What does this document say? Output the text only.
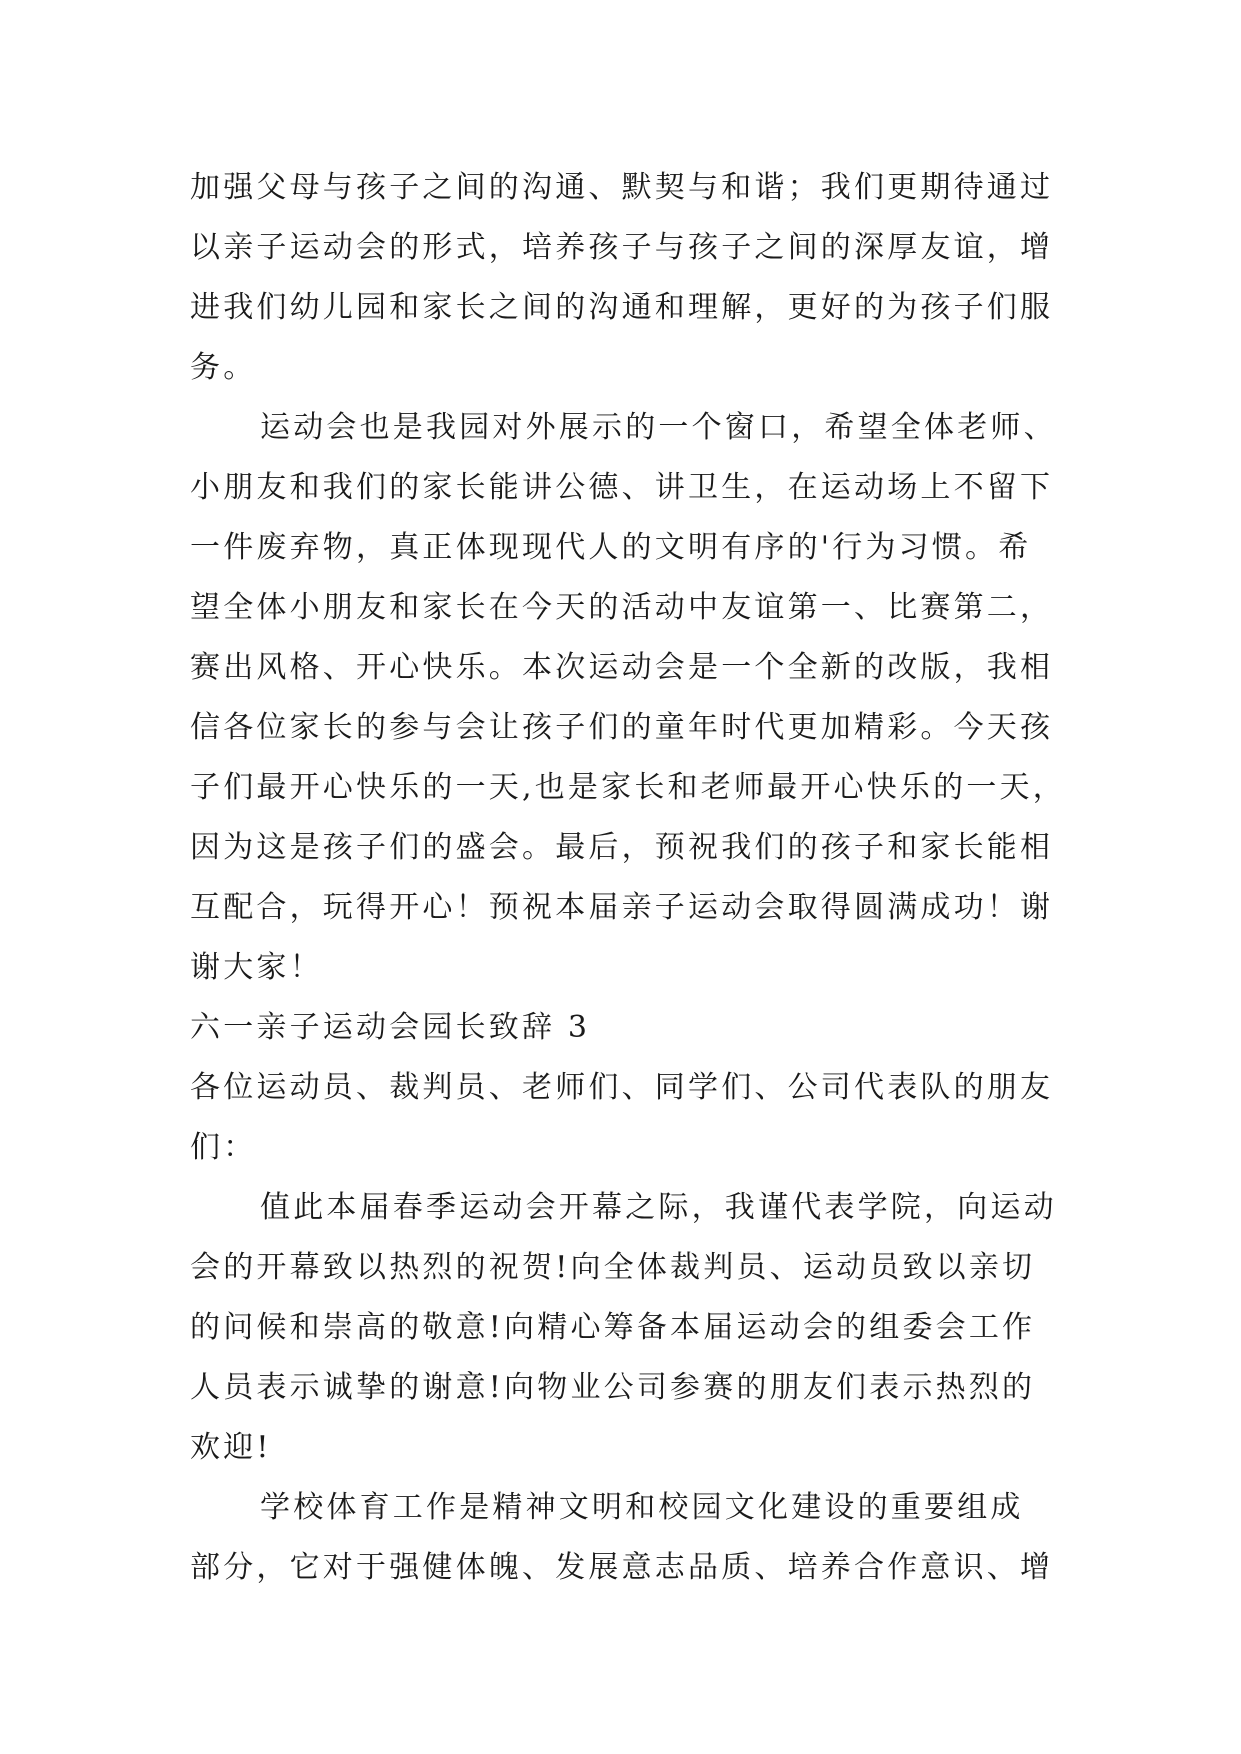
加强父母与孩子之间的沟通、默契与和谐；我们更期待通过
以亲子运动会的形式，培养孩子与孩子之间的深厚友谊，增
进我们幼儿园和家长之间的沟通和理解，更好的为孩子们服
务。
运动会也是我园对外展示的一个窗口，希望全体老师、
小朋友和我们的家长能讲公德、讲卫生，在运动场上不留下
一件废弃物，真正体现现代人的文明有序的'行为习惯。希
望全体小朋友和家长在今天的活动中友谊第一、比赛第二，
赛出风格、开心快乐。本次运动会是一个全新的改版，我相
信各位家长的参与会让孩子们的童年时代更加精彩。今天孩
子们最开心快乐的一天,也是家长和老师最开心快乐的一天，
因为这是孩子们的盛会。最后，预祝我们的孩子和家长能相
互配合，玩得开心！预祝本届亲子运动会取得圆满成功！谢
谢大家！
六一亲子运动会园长致辞 3
各位运动员、裁判员、老师们、同学们、公司代表队的朋友
们：
值此本届春季运动会开幕之际，我谨代表学院，向运动
会的开幕致以热烈的祝贺!向全体裁判员、运动员致以亲切
的问候和崇高的敬意!向精心筹备本届运动会的组委会工作
人员表示诚挚的谢意!向物业公司参赛的朋友们表示热烈的
欢迎!
学校体育工作是精神文明和校园文化建设的重要组成
部分，它对于强健体魄、发展意志品质、培养合作意识、增
